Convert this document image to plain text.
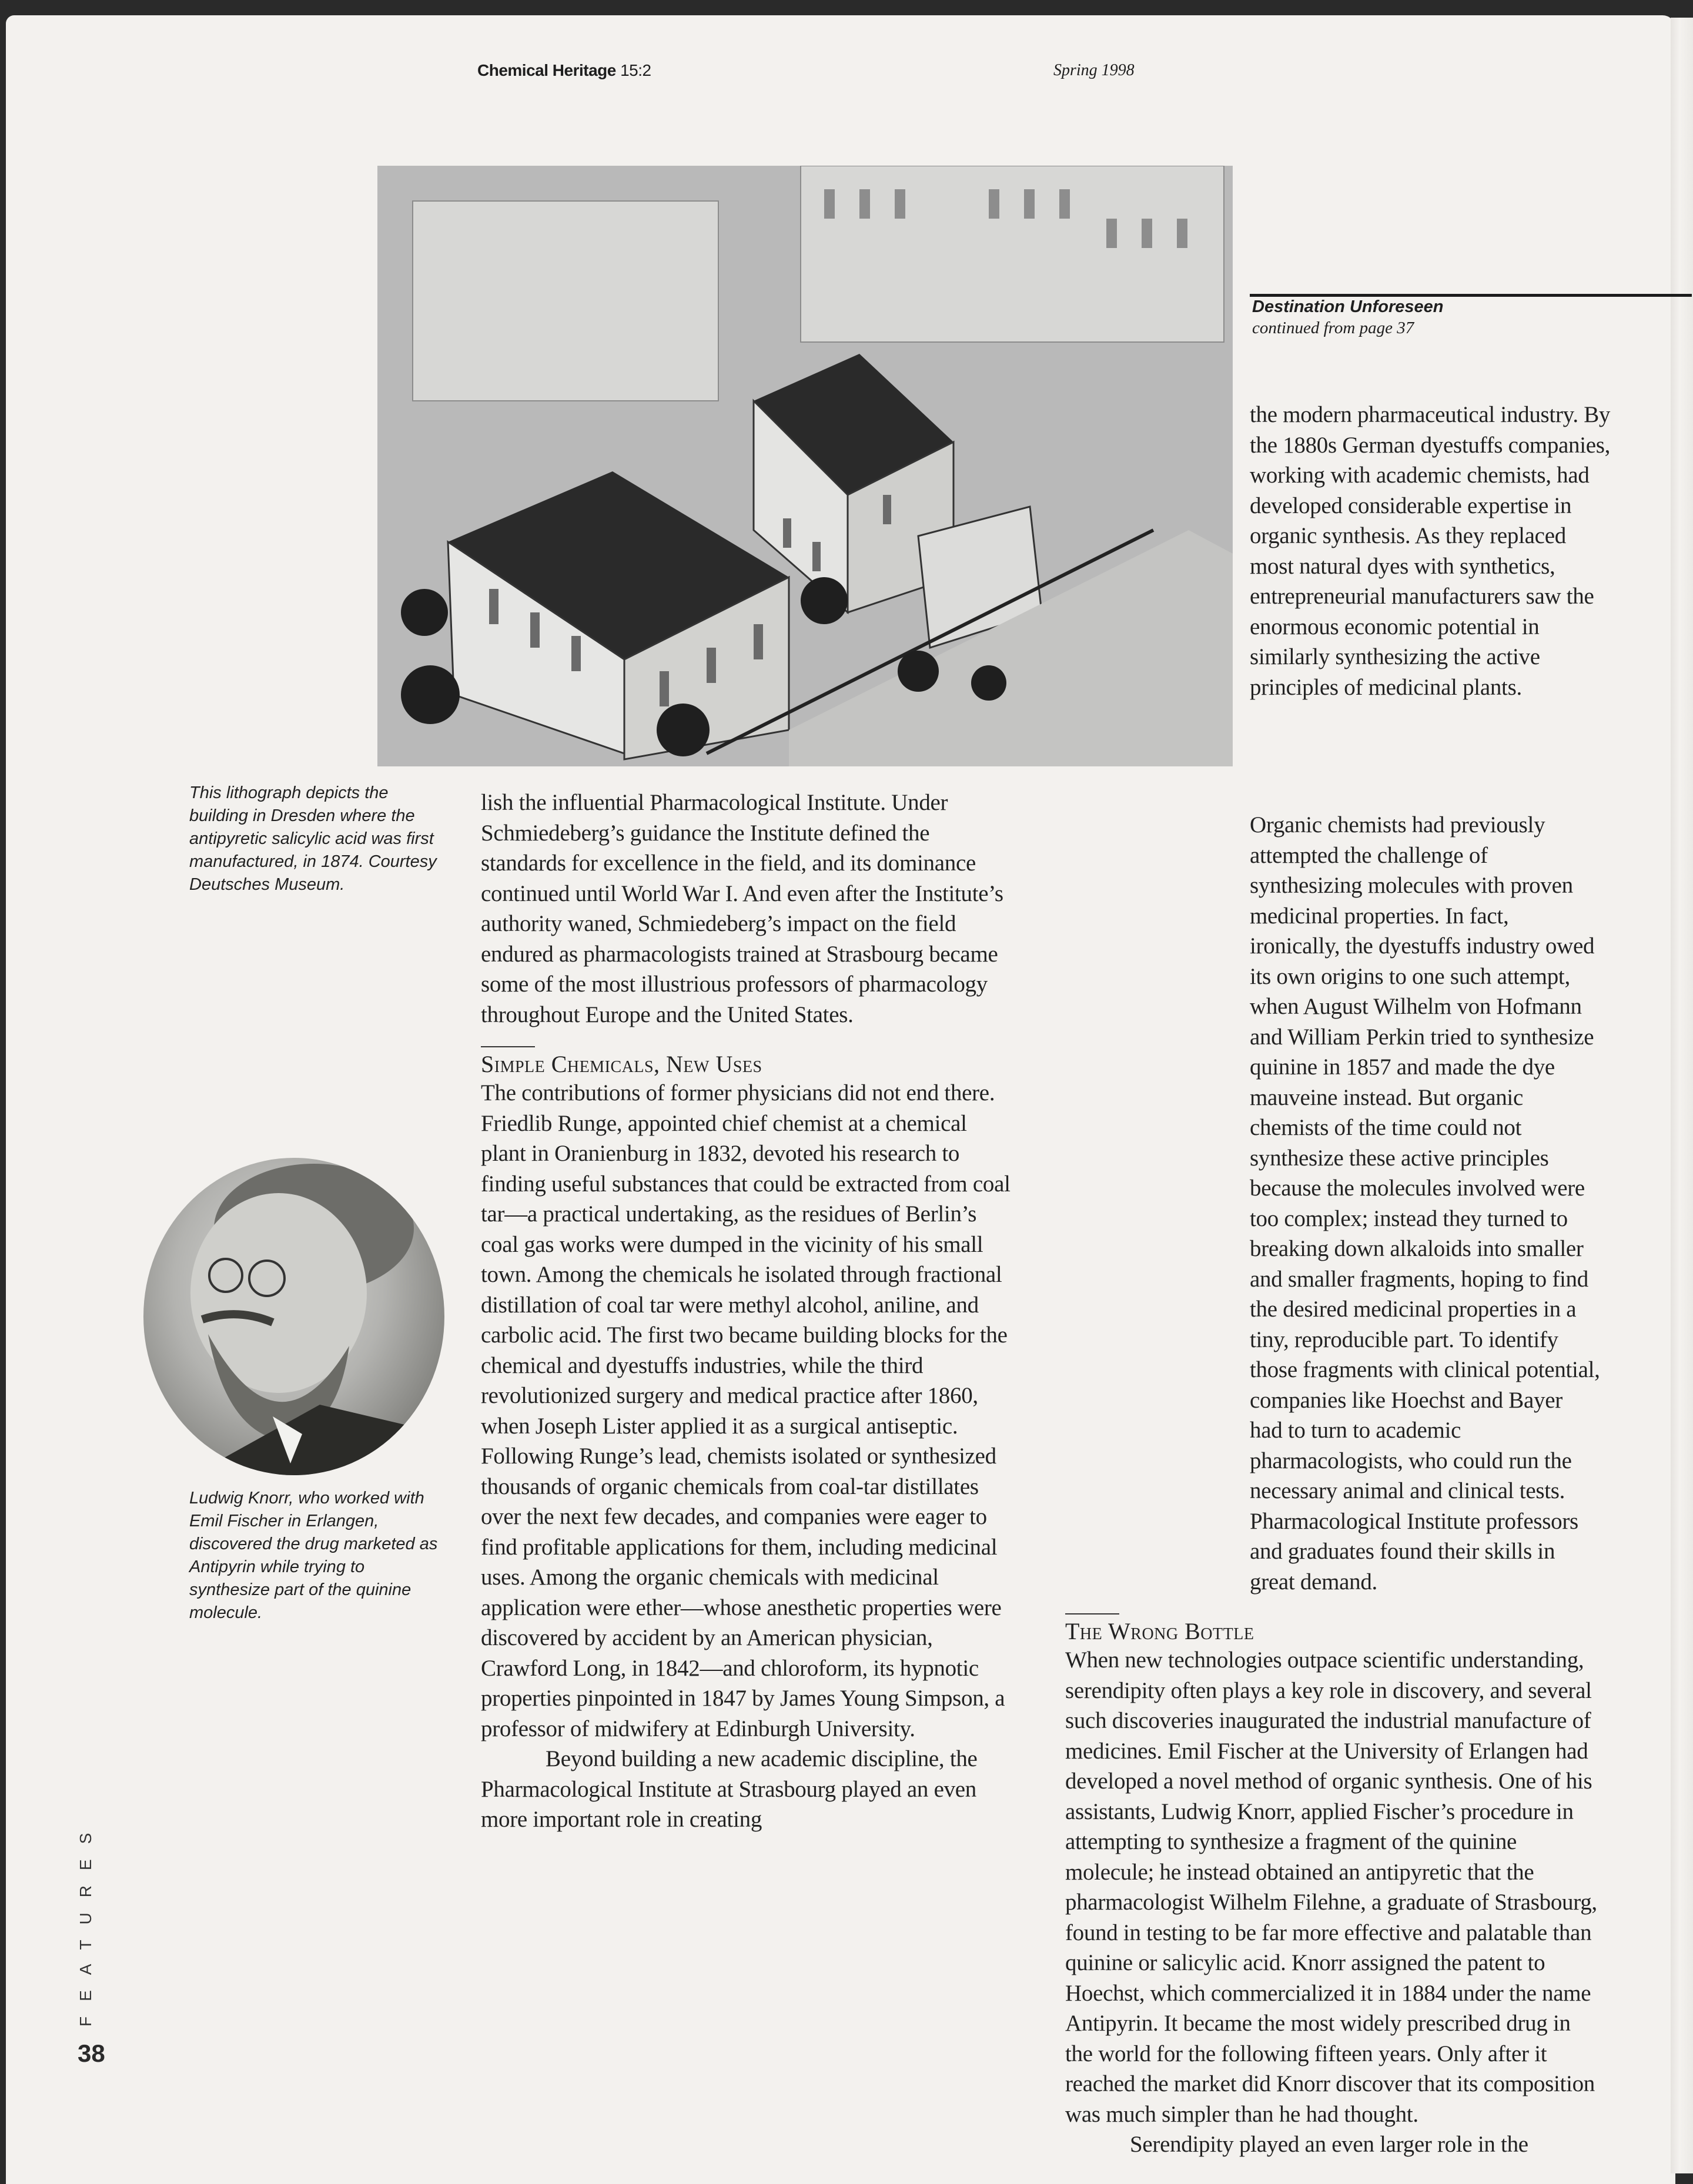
Chemical Heritage 15:2	Spring 1998
Destination Unforeseen
continued from page 37
This lithograph depicts the building in Dresden where the antipyretic salicylic acid was first manufactured, in 1874. Courtesy Deutsches Museum.
Ludwig Knorr, who worked with Emil Fischer in Erlangen, discovered the drug marketed as Antipyrin while trying to synthesize part of the quinine molecule.

the modern pharmaceutical industry. By the 1880s German dyestuffs companies, working with academic chemists, had developed considerable expertise in organic synthesis. As they replaced most natural dyes with synthetics, entrepreneurial manufacturers saw the enormous economic potential in similarly synthesizing the active principles of medicinal plants.

lish the influential Pharmacological Institute. Under Schmiedeberg’s guidance the Institute defined the standards for excellence in the field, and its dominance continued until World War I. And even after the Institute’s authority waned, Schmiedeberg’s impact on the field endured as pharmacologists trained at Strasbourg became some of the most illustrious professors of pharmacology throughout Europe and the United States.

Simple Chemicals, New Uses

The contributions of former physicians did not end there. Friedlib Runge, appointed chief chemist at a chemical plant in Oranienburg in 1832, devoted his research to finding useful substances that could be extracted from coal tar—a practical undertaking, as the residues of Berlin’s coal gas works were dumped in the vicinity of his small town. Among the chemicals he isolated through fractional distillation of coal tar were methyl alcohol, aniline, and carbolic acid. The first two became building blocks for the chemical and dyestuffs industries, while the third revolutionized surgery and medical practice after 1860, when Joseph Lister applied it as a surgical antiseptic. Following Runge’s lead, chemists isolated or synthesized thousands of organic chemicals from coal-tar distillates over the next few decades, and companies were eager to find profitable applications for them, including medicinal uses. Among the organic chemicals with medicinal application were ether—whose anesthetic properties were discovered by accident by an American physician, Crawford Long, in 1842—and chloroform, its hypnotic properties pinpointed in 1847 by James Young Simpson, a professor of midwifery at Edinburgh University.

Beyond building a new academic discipline, the Pharmacological Institute at Strasbourg played an even more important role in creating

Organic chemists had previously attempted the challenge of synthesizing molecules with proven medicinal properties. In fact, ironically, the dyestuffs industry owed its own origins to one such attempt, when August Wilhelm von Hofmann and William Perkin tried to synthesize quinine in 1857 and made the dye mauveine instead. But organic chemists of the time could not synthesize these active principles because the molecules involved were too complex; instead they turned to breaking down alkaloids into smaller and smaller fragments, hoping to find the desired medicinal properties in a tiny, reproducible part. To identify those fragments with clinical potential, companies like Hoechst and Bayer had to turn to academic pharmacologists, who could run the necessary animal and clinical tests. Pharmacological Institute professors and graduates found their skills in great demand.

The Wrong Bottle

When new technologies outpace scientific understanding, serendipity often plays a key role in discovery, and several such discoveries inaugurated the industrial manufacture of medicines. Emil Fischer at the University of Erlangen had developed a novel method of organic synthesis. One of his assistants, Ludwig Knorr, applied Fischer’s procedure in attempting to synthesize a fragment of the quinine molecule; he instead obtained an antipyretic that the pharmacologist Wilhelm Filehne, a graduate of Strasbourg, found in testing to be far more effective and palatable than quinine or salicylic acid. Knorr assigned the patent to Hoechst, which commercialized it in 1884 under the name Antipyrin. It became the most widely prescribed drug in the world for the following fifteen years. Only after it reached the market did Knorr discover that its composition was much simpler than he had thought.

Serendipity played an even larger role in the

FEATURES
38
